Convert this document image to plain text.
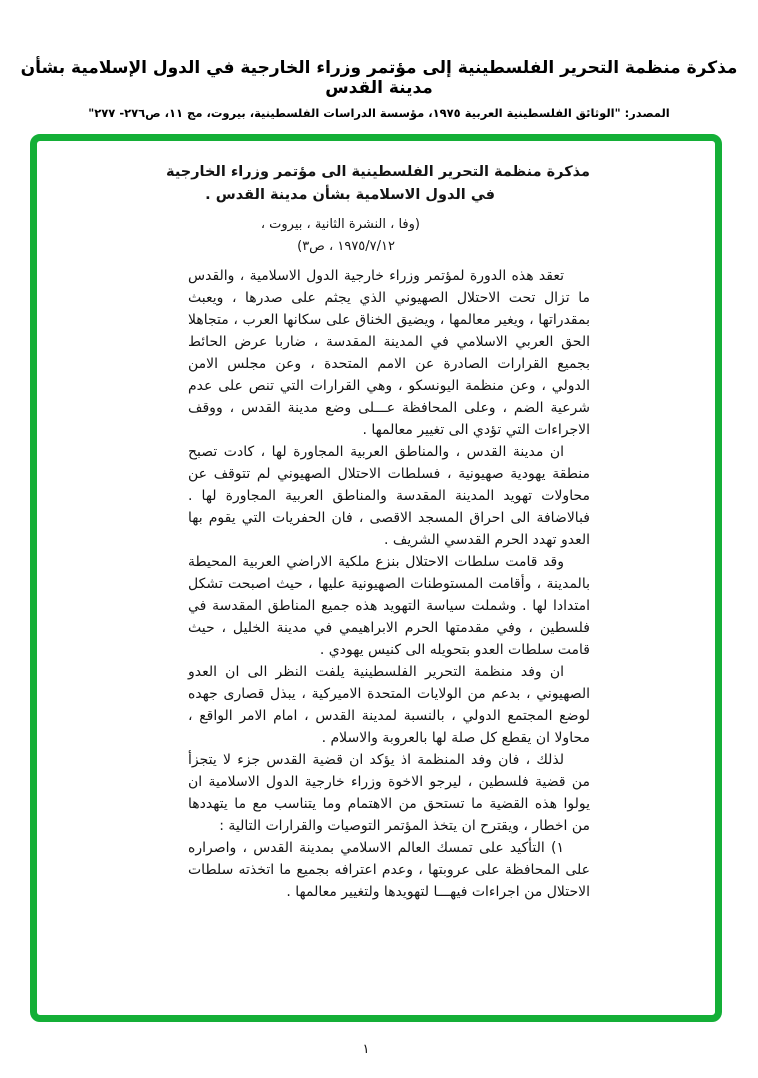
مذكرة منظمة التحرير الفلسطينية إلى مؤتمر وزراء الخارجية في الدول الإسلامية بشأن مدينة القدس
المصدر: "الوثائق الفلسطينية العربية ١٩٧٥، مؤسسة الدراسات الفلسطينية، بيروت، مج ١١، ص٢٧٦- ٢٧٧"
مذكرة منظمة التحرير الفلسطينية الى مؤتمر وزراء الخارجية
في الدول الاسلامية بشأن مدينة القدس .
(وفا ، النشرة الثانية ، بيروت ،
١٩٧٥/٧/١٢ ، ص٣)

تعقد هذه الدورة لمؤتمر وزراء خارجية الدول الاسلامية ، والقدس ما تزال تحت الاحتلال الصهيوني الذي يجثم على صدرها ، ويعبث بمقدراتها ، ويغير معالمها ، ويضيق الخناق على سكانها العرب ، متجاهلا الحق العربي الاسلامي في المدينة المقدسة ، ضاربا عرض الحائط بجميع القرارات الصادرة عن الامم المتحدة ، وعن مجلس الامن الدولي ، وعن منظمة اليونسكو ، وهي القرارات التي تنص على عدم شرعية الضم ، وعلى المحافظة عـــلى وضع مدينة القدس ، ووقف الاجراءات التي تؤدي الى تغيير معالمها .

ان مدينة القدس ، والمناطق العربية المجاورة لها ، كادت تصبح منطقة يهودية صهيونية ، فسلطات الاحتلال الصهيوني لم تتوقف عن محاولات تهويد المدينة المقدسة والمناطق العربية المجاورة لها . فبالاضافة الى احراق المسجد الاقصى ، فان الحفريات التي يقوم بها العدو تهدد الحرم القدسي الشريف .

وقد قامت سلطات الاحتلال بنزع ملكية الاراضي العربية المحيطة بالمدينة ، وأقامت المستوطنات الصهيونية عليها ، حيث اصبحت تشكل امتدادا لها . وشملت سياسة التهويد هذه جميع المناطق المقدسة في فلسطين ، وفي مقدمتها الحرم الابراهيمي في مدينة الخليل ، حيث قامت سلطات العدو بتحويله الى كنيس يهودي .

ان وفد منظمة التحرير الفلسطينية يلفت النظر الى ان العدو الصهيوني ، بدعم من الولايات المتحدة الاميركية ، يبذل قصارى جهده لوضع المجتمع الدولي ، بالنسبة لمدينة القدس ، امام الامر الواقع ، محاولا ان يقطع كل صلة لها بالعروبة والاسلام .

لذلك ، فان وفد المنظمة اذ يؤكد ان قضية القدس جزء لا يتجزأ من قضية فلسطين ، ليرجو الاخوة وزراء خارجية الدول الاسلامية ان يولوا هذه القضية ما تستحق من الاهتمام وما يتناسب مع ما يتهددها من اخطار ، ويقترح ان يتخذ المؤتمر التوصيات والقرارات التالية :

١) التأكيد على تمسك العالم الاسلامي بمدينة القدس ، واصراره على المحافظة على عروبتها ، وعدم اعترافه بجميع ما اتخذته سلطات الاحتلال من اجراءات فيهـــا لتهويدها ولتغيير معالمها .

١
